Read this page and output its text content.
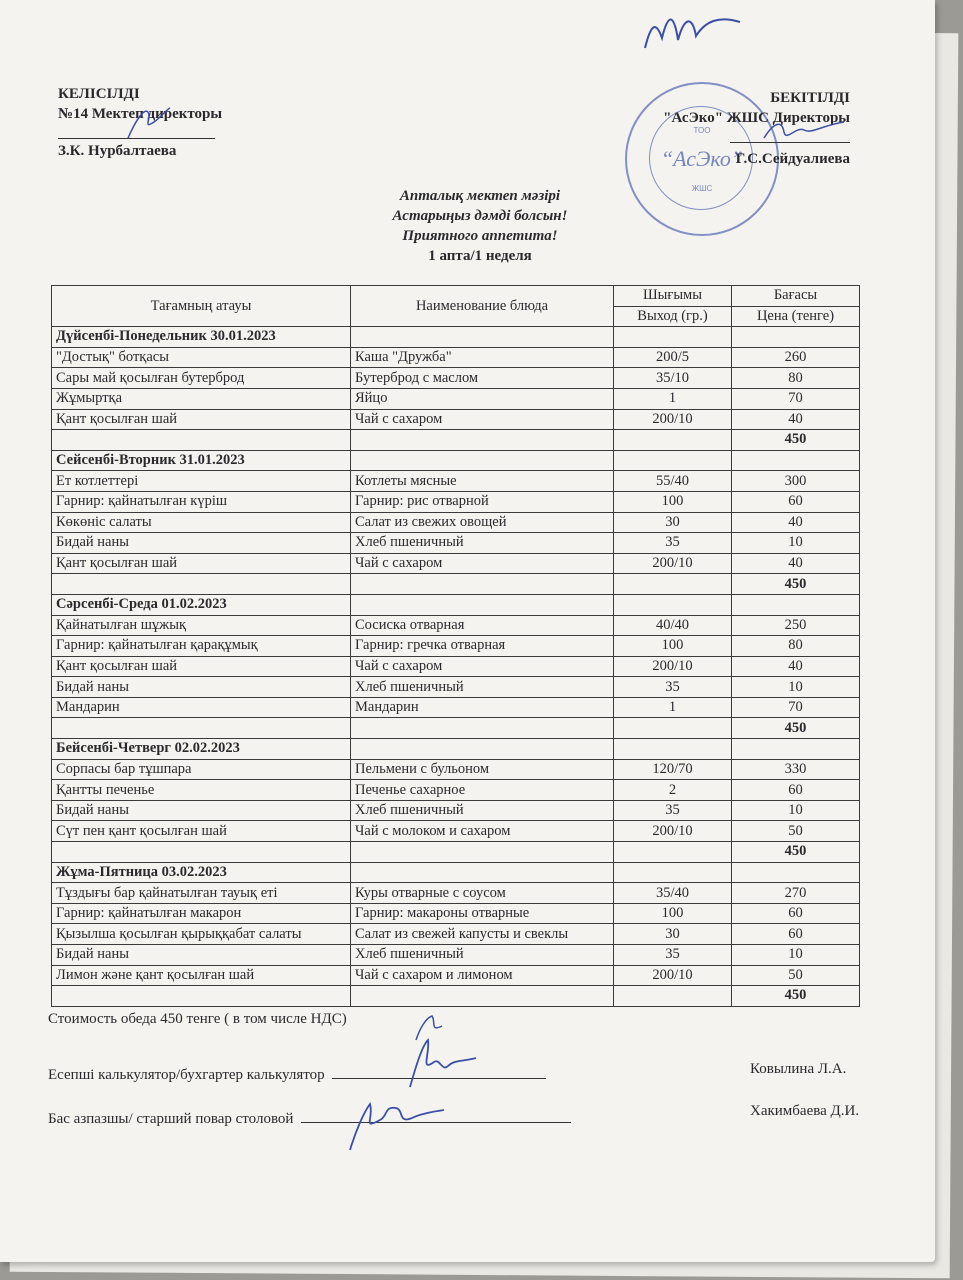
КЕЛІСІЛДІ
№14 Мектеп директоры
З.К. Нурбалтаева
ТОО
“АсЭко”
ЖШС
БЕКІТІЛДІ
"АсЭко" ЖШС Директоры
Г.С.Сейдуалиева
Апталық мектеп мәзірі
Астарыңыз дәмді болсын!
Приятного аппетита!
1 апта/1 неделя
Тағамның атауы	Наименование блюда	Шығымы	Бағасы
		Выход (гр.)	Цена (тенге)
Дүйсенбі-Понедельник 30.01.2023			
"Достық" ботқасы	Каша "Дружба"	200/5	260
Сары май қосылған бутерброд	Бутерброд с маслом	35/10	80
Жұмыртқа	Яйцо	1	70
Қант қосылған шай	Чай с сахаром	200/10	40
			450
Сейсенбі-Вторник 31.01.2023			
Ет котлеттері	Котлеты мясные	55/40	300
Гарнир: қайнатылған күріш	Гарнир: рис отварной	100	60
Көкөніс салаты	Салат из свежих овощей	30	40
Бидай наны	Хлеб пшеничный	35	10
Қант қосылған шай	Чай с сахаром	200/10	40
			450
Сәрсенбі-Среда 01.02.2023			
Қайнатылған шұжық	Сосиска отварная	40/40	250
Гарнир: қайнатылған қарақұмық	Гарнир: гречка отварная	100	80
Қант қосылған шай	Чай с сахаром	200/10	40
Бидай наны	Хлеб пшеничный	35	10
Мандарин	Мандарин	1	70
			450
Бейсенбі-Четверг 02.02.2023			
Сорпасы бар тұшпара	Пельмени с бульоном	120/70	330
Қантты печенье	Печенье сахарное	2	60
Бидай наны	Хлеб пшеничный	35	10
Сүт пен қант қосылған шай	Чай с молоком и сахаром	200/10	50
			450
Жұма-Пятница 03.02.2023			
Тұздығы бар қайнатылған тауық еті	Куры отварные с соусом	35/40	270
Гарнир: қайнатылған макарон	Гарнир: макароны отварные	100	60
Қызылша қосылған қырыққабат салаты	Салат из свежей капусты и свеклы	30	60
Бидай наны	Хлеб пшеничный	35	10
Лимон және қант қосылған шай	Чай с сахаром и лимоном	200/10	50
			450
Стоимость обеда 450 тенге ( в том числе НДС)
Есепші калькулятор/бухгартер калькулятор	Ковылина Л.А.
Бас азпазшы/ старший повар столовой	Хакимбаева Д.И.
